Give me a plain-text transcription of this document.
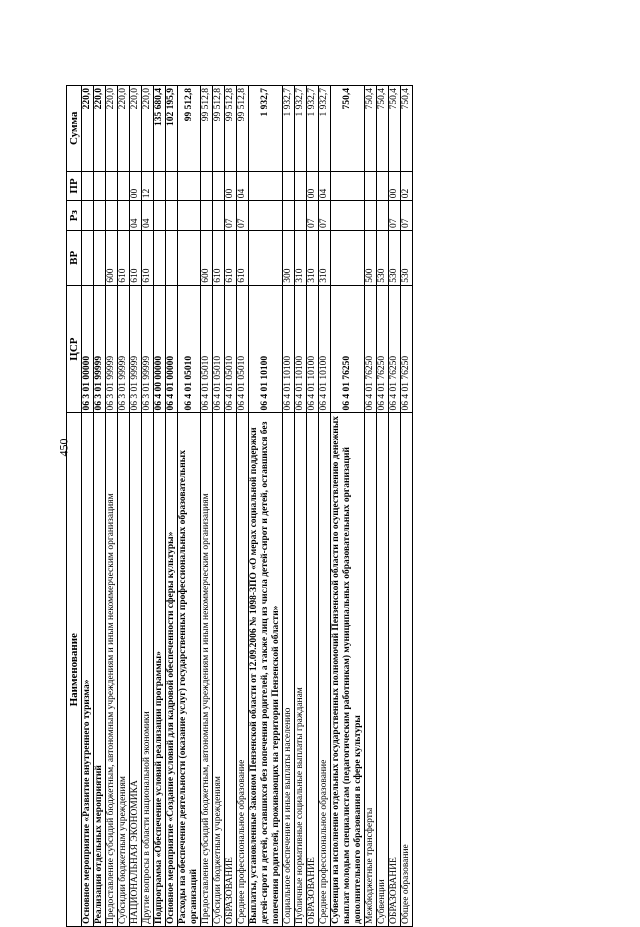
450
Наименование	ЦСР	ВР	Рз	ПР	Сумма
Основное мероприятие «Развитие внутреннего туризма»	06 3 01 00000				220,0
Реализация отдельных мероприятий	06 3 01 99999				220,0
Предоставление субсидий бюджетным, автономным учреждениям и иным некоммерческим организациям	06 3 01 99999	600			220,0
Субсидии бюджетным учреждениям	06 3 01 99999	610			220,0
НАЦИОНАЛЬНАЯ ЭКОНОМИКА	06 3 01 99999	610	04	00	220,0
Другие вопросы в области национальной экономики	06 3 01 99999	610	04	12	220,0
Подпрограмма «Обеспечение условий реализации программы»	06 4 00 00000				135 680,4
Основное мероприятие «Создание условий для кадровой обеспеченности сферы культуры»	06 4 01 00000				102 195,9
Расходы на обеспечение деятельности (оказание услуг) государственных профессиональных образовательных организаций	06 4 01 05010				99 512,8
Предоставление субсидий бюджетным, автономным учреждениям и иным некоммерческим организациям	06 4 01 05010	600			99 512,8
Субсидии бюджетным учреждениям	06 4 01 05010	610			99 512,8
ОБРАЗОВАНИЕ	06 4 01 05010	610	07	00	99 512,8
Среднее профессиональное образование	06 4 01 05010	610	07	04	99 512,8
Выплаты, установленные Законом Пензенской области от 12.09.2006 № 1098-ЗПО «О мерах социальной поддержки детей-сирот и детей, оставшихся без попечения родителей, а также лиц из числа детей-сирот и детей, оставшихся без попечения родителей, проживающих на территории Пензенской области»	06 4 01 10100				1 932,7
Социальное обеспечение и иные выплаты населению	06 4 01 10100	300			1 932,7
Публичные нормативные социальные выплаты гражданам	06 4 01 10100	310			1 932,7
ОБРАЗОВАНИЕ	06 4 01 10100	310	07	00	1 932,7
Среднее профессиональное образование	06 4 01 10100	310	07	04	1 932,7
Субвенция на исполнение отдельных государственных полномочий Пензенской области по осуществлению денежных выплат молодым специалистам (педагогическим работникам) муниципальных образовательных организаций дополнительного образования в сфере культуры	06 4 01 76250				750,4
Межбюджетные трансферты	06 4 01 76250	500			750,4
Субвенции	06 4 01 76250	530			750,4
ОБРАЗОВАНИЕ	06 4 01 76250	530	07	00	750,4
Общее образование	06 4 01 76250	530	07	02	750,4
